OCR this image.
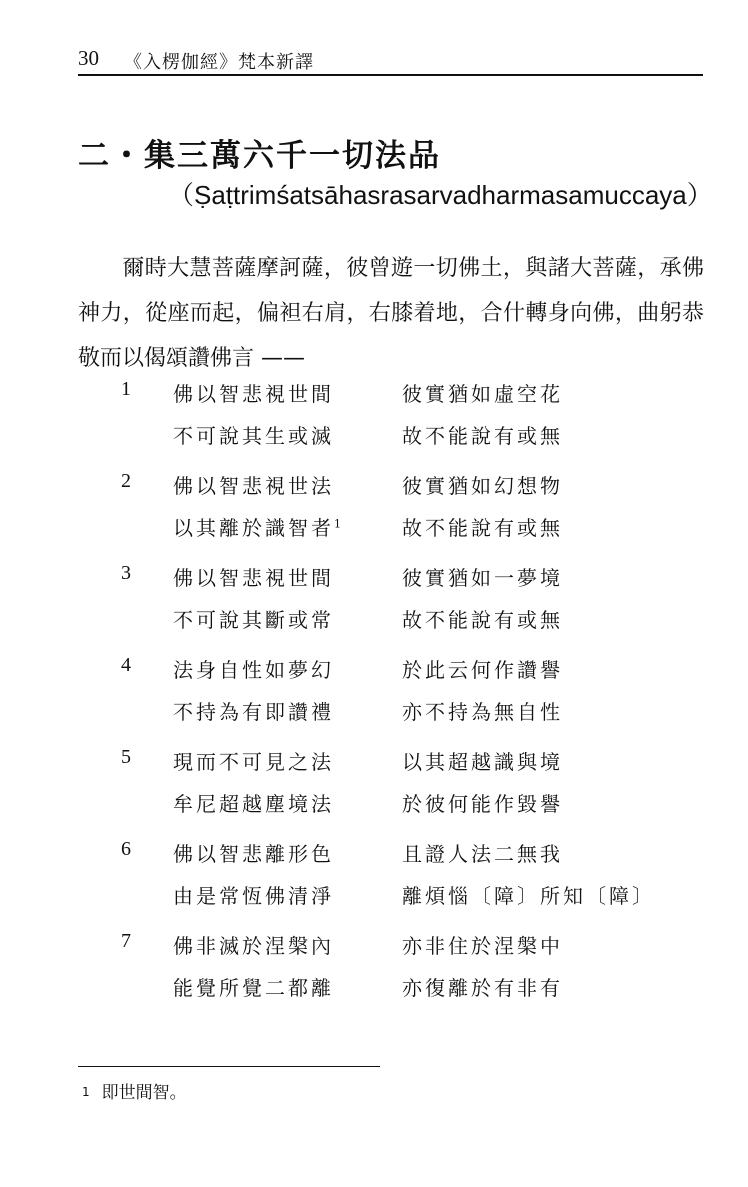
30 《入楞伽經》梵本新譯
二・集三萬六千一切法品
（Ṣaṭtrimśatsāhasrasarvadharmasamuccaya）
爾時大慧菩薩摩訶薩，彼曾遊一切佛土，與諸大菩薩，承佛神力，從座而起，偏袒右肩，右膝着地，合什轉身向佛，曲躬恭敬而以偈頌讚佛言 ——
1 佛以智悲視世間
不可說其生或滅
彼實猶如虛空花
故不能說有或無
2 佛以智悲視世法
以其離於識智者$^1$
彼實猶如幻想物
故不能說有或無
3 佛以智悲視世間
不可說其斷或常
彼實猶如一夢境
故不能說有或無
4 法身自性如夢幻
不持為有即讚禮
於此云何作讚譽
亦不持為無自性
5 現而不可見之法
牟尼超越塵境法
以其超越識與境
於彼何能作毀譽
6 佛以智悲離形色
由是常恆佛清淨
且證人法二無我
離煩惱〔障〕所知〔障〕
7 佛非滅於涅槃內
能覺所覺二都離
亦非住於涅槃中
亦復離於有非有
1 即世間智。
